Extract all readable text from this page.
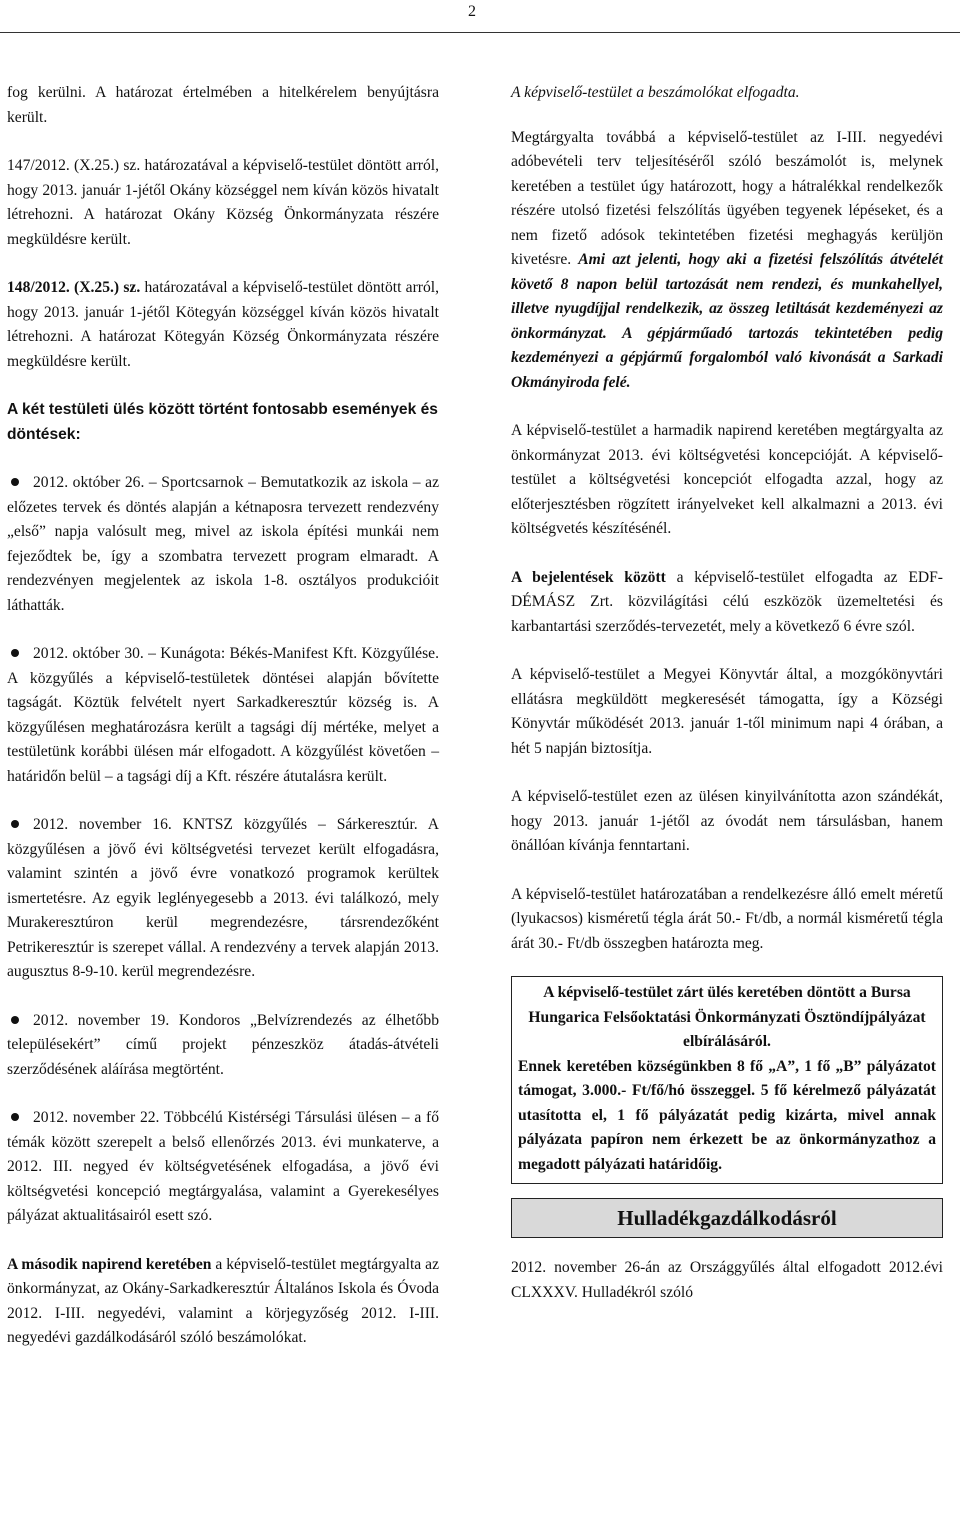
2

fog kerülni. A határozat értelmében a hitelkérelem benyújtásra került.

147/2012. (X.25.) sz. határozatával a képviselő-testület döntött arról, hogy 2013. január 1-jétől Okány községgel nem kíván közös hivatalt létrehozni. A határozat Okány Község Önkormányzata részére megküldésre került.

148/2012. (X.25.) sz. határozatával a képviselő-testület döntött arról, hogy 2013. január 1-jétől Kötegyán községgel kíván közös hivatalt létrehozni. A határozat Kötegyán Község Önkormányzata részére megküldésre került.

A két testületi ülés között történt fontosabb események és döntések:

2012. október 26. – Sportcsarnok – Bemutatkozik az iskola – az előzetes tervek és döntés alapján a kétnaposra tervezett rendezvény „első” napja valósult meg, mivel az iskola építési munkái nem fejeződtek be, így a szombatra tervezett program elmaradt. A rendezvényen megjelentek az iskola 1-8. osztályos produkcióit láthatták.

2012. október 30. – Kunágota: Békés-Manifest Kft. Közgyűlése. A közgyűlés a képviselő-testületek döntései alapján bővítette tagságát. Köztük felvételt nyert Sarkadkeresztúr község is. A közgyűlésen meghatározásra került a tagsági díj mértéke, melyet a testületünk korábbi ülésen már elfogadott. A közgyűlést követően – határidőn belül – a tagsági díj a Kft. részére átutalásra került.

2012. november 16. KNTSZ közgyűlés – Sárkeresztúr. A közgyűlésen a jövő évi költségvetési tervezet került elfogadásra, valamint szintén a jövő évre vonatkozó programok kerültek ismertetésre. Az egyik leglényegesebb a 2013. évi találkozó, mely Murakeresztúron kerül megrendezésre, társrendezőként Petrikeresztúr is szerepet vállal. A rendezvény a tervek alapján 2013. augusztus 8-9-10. kerül megrendezésre.

2012. november 19. Kondoros „Belvízrendezés az élhetőbb településekért” című projekt pénzeszköz átadás-átvételi szerződésének aláírása megtörtént.

2012. november 22. Többcélú Kistérségi Társulási ülésen – a fő témák között szerepelt a belső ellenőrzés 2013. évi munkaterve, a 2012. III. negyed év költségvetésének elfogadása, a jövő évi költségvetési koncepció megtárgyalása, valamint a Gyerekesélyes pályázat aktualitásairól esett szó.

A második napirend keretében a képviselő-testület megtárgyalta az önkormányzat, az Okány-Sarkadkeresztúr Általános Iskola és Óvoda 2012. I-III. negyedévi, valamint a körjegyzőség 2012. I-III. negyedévi gazdálkodásáról szóló beszámolókat.

A képviselő-testület a beszámolókat elfogadta.

Megtárgyalta továbbá a képviselő-testület az I-III. negyedévi adóbevételi terv teljesítéséről szóló beszámolót is, melynek keretében a testület úgy határozott, hogy a hátralékkal rendelkezők részére utolsó fizetési felszólítás ügyében tegyenek lépéseket, és a nem fizető adósok tekintetében fizetési meghagyás kerüljön kivetésre. Ami azt jelenti, hogy aki a fizetési felszólítás átvételét követő 8 napon belül tartozását nem rendezi, és munkahellyel, illetve nyugdíjjal rendelkezik, az összeg letiltását kezdeményezi az önkormányzat. A gépjárműadó tartozás tekintetében pedig kezdeményezi a gépjármű forgalomból való kivonását a Sarkadi Okmányiroda felé.

A képviselő-testület a harmadik napirend keretében megtárgyalta az önkormányzat 2013. évi költségvetési koncepcióját. A képviselő-testület a költségvetési koncepciót elfogadta azzal, hogy az előterjesztésben rögzített irányelveket kell alkalmazni a 2013. évi költségvetés készítésénél.

A bejelentések között a képviselő-testület elfogadta az EDF-DÉMÁSZ Zrt. közvilágítási célú eszközök üzemeltetési és karbantartási szerződés-tervezetét, mely a következő 6 évre szól.

A képviselő-testület a Megyei Könyvtár által, a mozgókönyvtári ellátásra megküldött megkeresését támogatta, így a Községi Könyvtár működését 2013. január 1-től minimum napi 4 órában, a hét 5 napján biztosítja.

A képviselő-testület ezen az ülésen kinyilvánította azon szándékát, hogy 2013. január 1-jétől az óvodát nem társulásban, hanem önállóan kívánja fenntartani.

A képviselő-testület határozatában a rendelkezésre álló emelt méretű (lyukacsos) kisméretű tégla árát 50.- Ft/db, a normál kisméretű tégla árát 30.- Ft/db összegben határozta meg.

A képviselő-testület zárt ülés keretében döntött a Bursa Hungarica Felsőoktatási Önkormányzati Ösztöndíjpályázat elbírálásáról.
Ennek keretében községünkben 8 fő „A”, 1 fő „B” pályázatot támogat, 3.000.- Ft/fő/hó összeggel. 5 fő kérelmező pályázatát utasította el, 1 fő pályázatát pedig kizárta, mivel annak pályázata papíron nem érkezett be az önkormányzathoz a megadott pályázati határidőig.
Hulladékgazdálkodásról

2012. november 26-án az Országgyűlés által elfogadott 2012.évi CLXXXV. Hulladékról szóló
